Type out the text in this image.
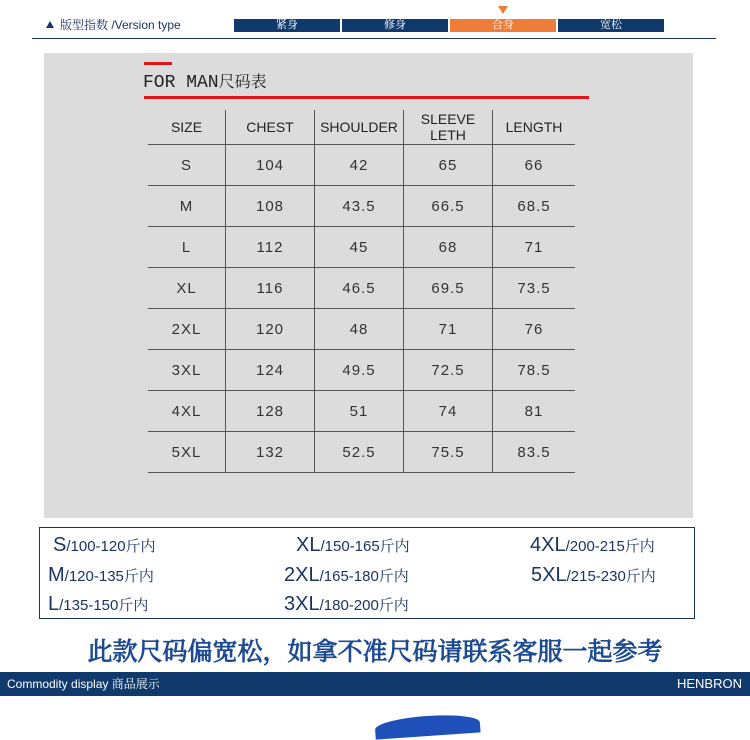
版型指数 /Version type	紧身	修身	合身	宽松
FOR MAN尺码表
SIZE	CHEST	SHOULDER	SLEEVE LETH	LENGTH
S	104	42	65	66
M	108	43.5	66.5	68.5
L	112	45	68	71
XL	116	46.5	69.5	73.5
2XL	120	48	71	76
3XL	124	49.5	72.5	78.5
4XL	128	51	74	81
5XL	132	52.5	75.5	83.5
S/100-120斤内	XL/150-165斤内	4XL/200-215斤内
M/120-135斤内	2XL/165-180斤内	5XL/215-230斤内
L/135-150斤内	3XL/180-200斤内
此款尺码偏宽松，如拿不准尺码请联系客服一起参考
Commodity display 商品展示	HENBRON
